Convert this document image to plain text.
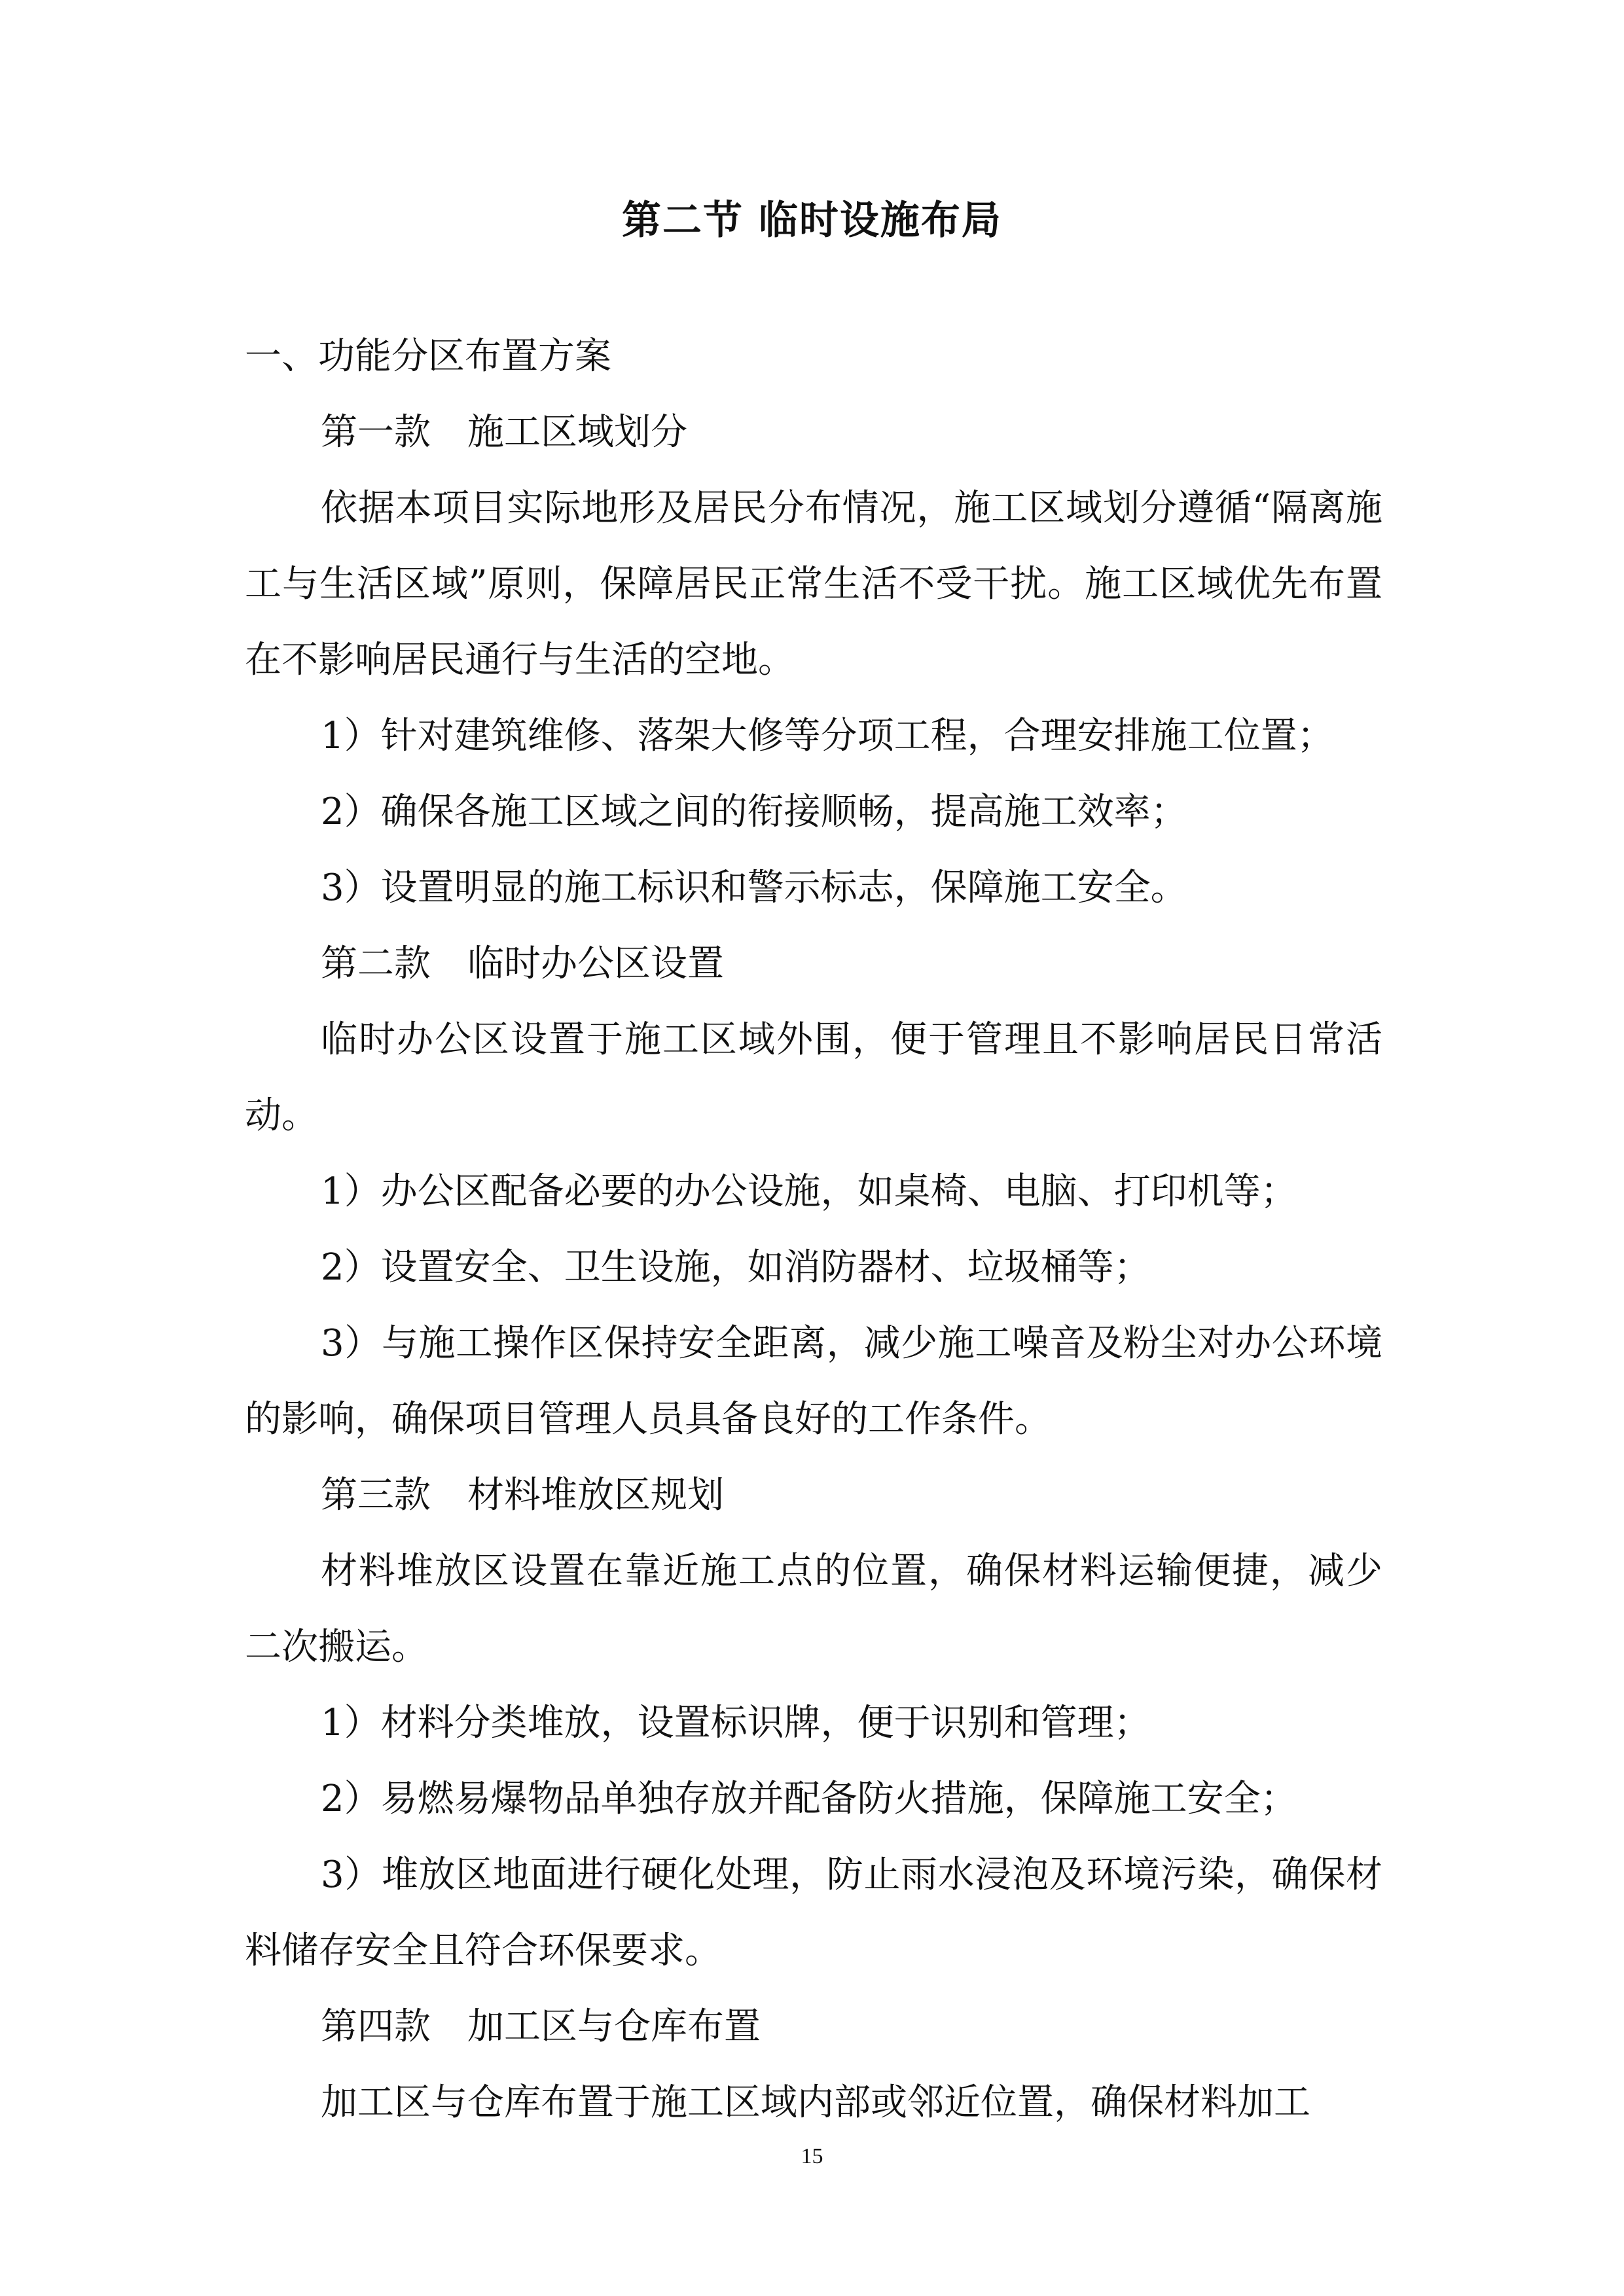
第二节 临时设施布局

一、功能分区布置方案

第一款　施工区域划分

依据本项目实际地形及居民分布情况，施工区域划分遵循“隔离施工与生活区域”原则，保障居民正常生活不受干扰。施工区域优先布置在不影响居民通行与生活的空地。

1）针对建筑维修、落架大修等分项工程，合理安排施工位置；

2）确保各施工区域之间的衔接顺畅，提高施工效率；

3）设置明显的施工标识和警示标志，保障施工安全。

第二款　临时办公区设置

临时办公区设置于施工区域外围，便于管理且不影响居民日常活动。

1）办公区配备必要的办公设施，如桌椅、电脑、打印机等；

2）设置安全、卫生设施，如消防器材、垃圾桶等；

3）与施工操作区保持安全距离，减少施工噪音及粉尘对办公环境的影响，确保项目管理人员具备良好的工作条件。

第三款　材料堆放区规划

材料堆放区设置在靠近施工点的位置，确保材料运输便捷，减少二次搬运。

1）材料分类堆放，设置标识牌，便于识别和管理；

2）易燃易爆物品单独存放并配备防火措施，保障施工安全；

3）堆放区地面进行硬化处理，防止雨水浸泡及环境污染，确保材料储存安全且符合环保要求。

第四款　加工区与仓库布置

加工区与仓库布置于施工区域内部或邻近位置，确保材料加工

15
